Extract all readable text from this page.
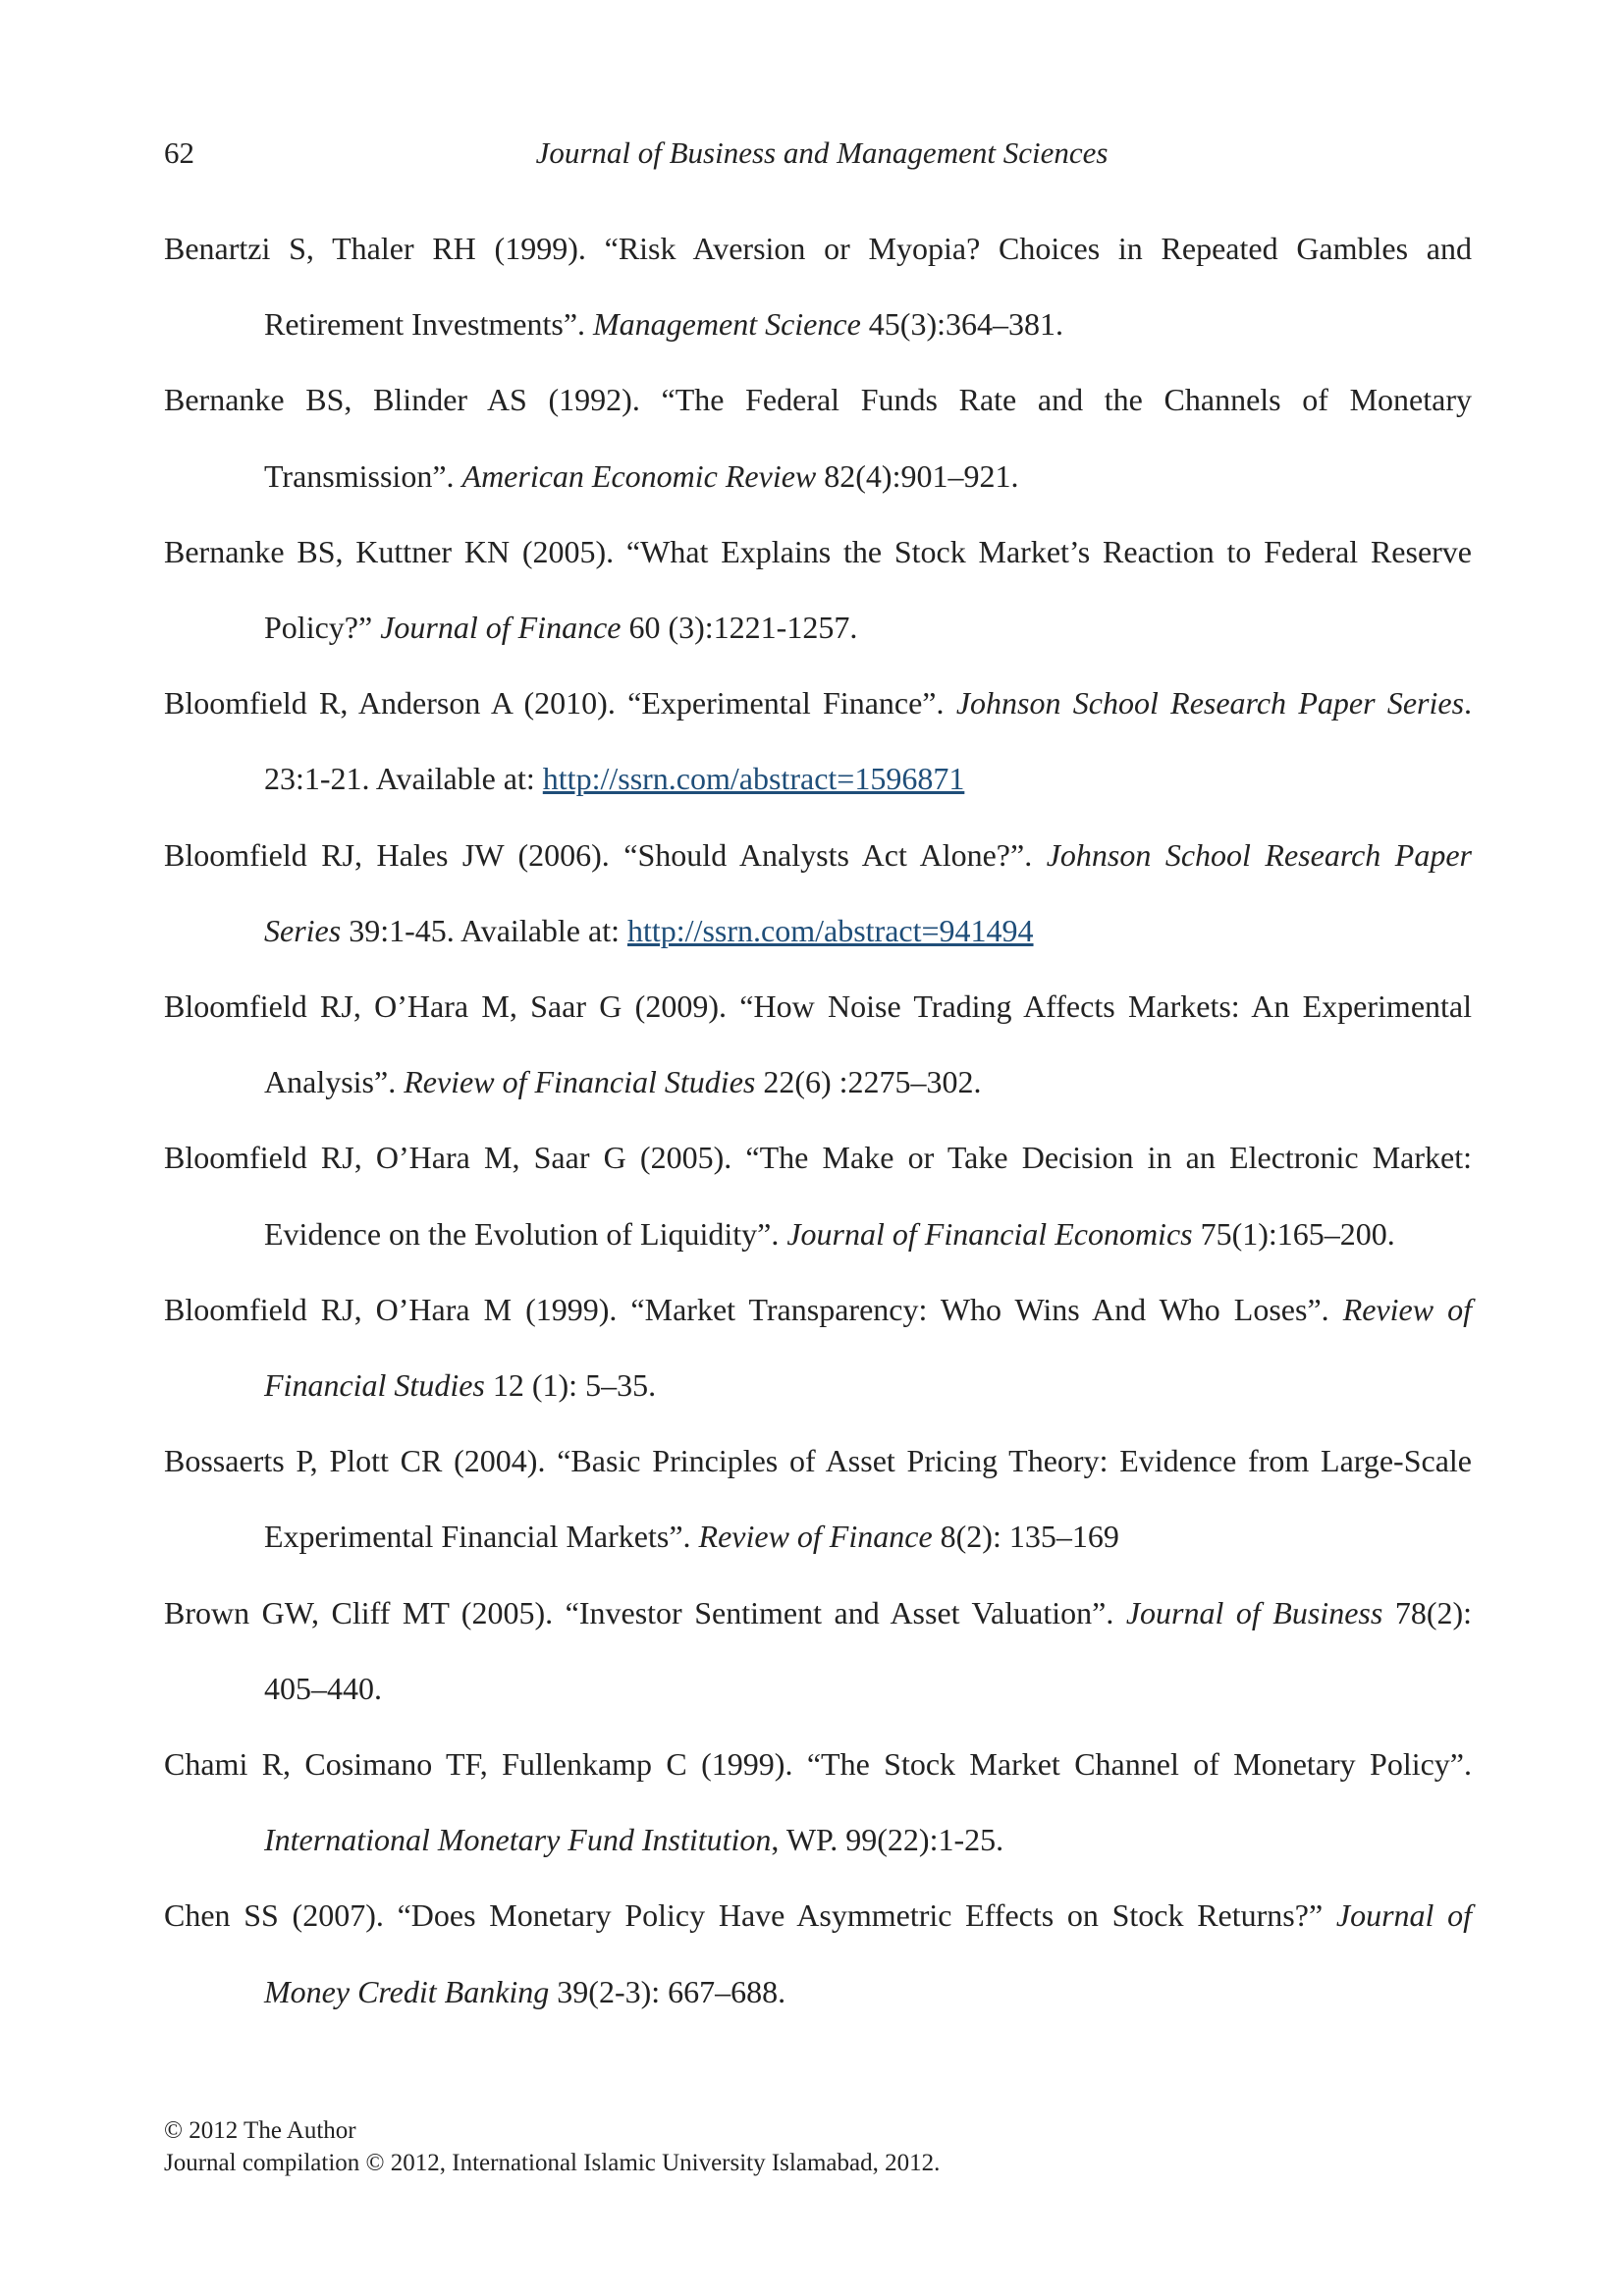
62	Journal of Business and Management Sciences

Benartzi S, Thaler RH (1999). “Risk Aversion or Myopia? Choices in Repeated Gambles and Retirement Investments”. Management Science 45(3):364–381.

Bernanke BS, Blinder AS (1992). “The Federal Funds Rate and the Channels of Monetary Transmission”. American Economic Review 82(4):901–921.

Bernanke BS, Kuttner KN (2005). “What Explains the Stock Market’s Reaction to Federal Reserve Policy?” Journal of Finance 60 (3):1221-1257.

Bloomfield R, Anderson A (2010). “Experimental Finance”. Johnson School Research Paper Series. 23:1-21. Available at: http://ssrn.com/abstract=1596871

Bloomfield RJ, Hales JW (2006). “Should Analysts Act Alone?”. Johnson School Research Paper Series 39:1-45. Available at: http://ssrn.com/abstract=941494

Bloomfield RJ, O’Hara M, Saar G (2009). “How Noise Trading Affects Markets: An Experimental Analysis”. Review of Financial Studies 22(6) :2275–302.

Bloomfield RJ, O’Hara M, Saar G (2005). “The Make or Take Decision in an Electronic Market: Evidence on the Evolution of Liquidity”. Journal of Financial Economics 75(1):165–200.

Bloomfield RJ, O’Hara M (1999). “Market Transparency: Who Wins And Who Loses”. Review of Financial Studies 12 (1): 5–35.

Bossaerts P, Plott CR (2004). “Basic Principles of Asset Pricing Theory: Evidence from Large-Scale Experimental Financial Markets”. Review of Finance 8(2): 135–169

Brown GW, Cliff MT (2005). “Investor Sentiment and Asset Valuation”. Journal of Business 78(2): 405–440.

Chami R, Cosimano TF, Fullenkamp C (1999). “The Stock Market Channel of Monetary Policy”. International Monetary Fund Institution, WP. 99(22):1-25.

Chen SS (2007). “Does Monetary Policy Have Asymmetric Effects on Stock Returns?” Journal of Money Credit Banking 39(2-3): 667–688.

© 2012 The Author
Journal compilation © 2012, International Islamic University Islamabad, 2012.
